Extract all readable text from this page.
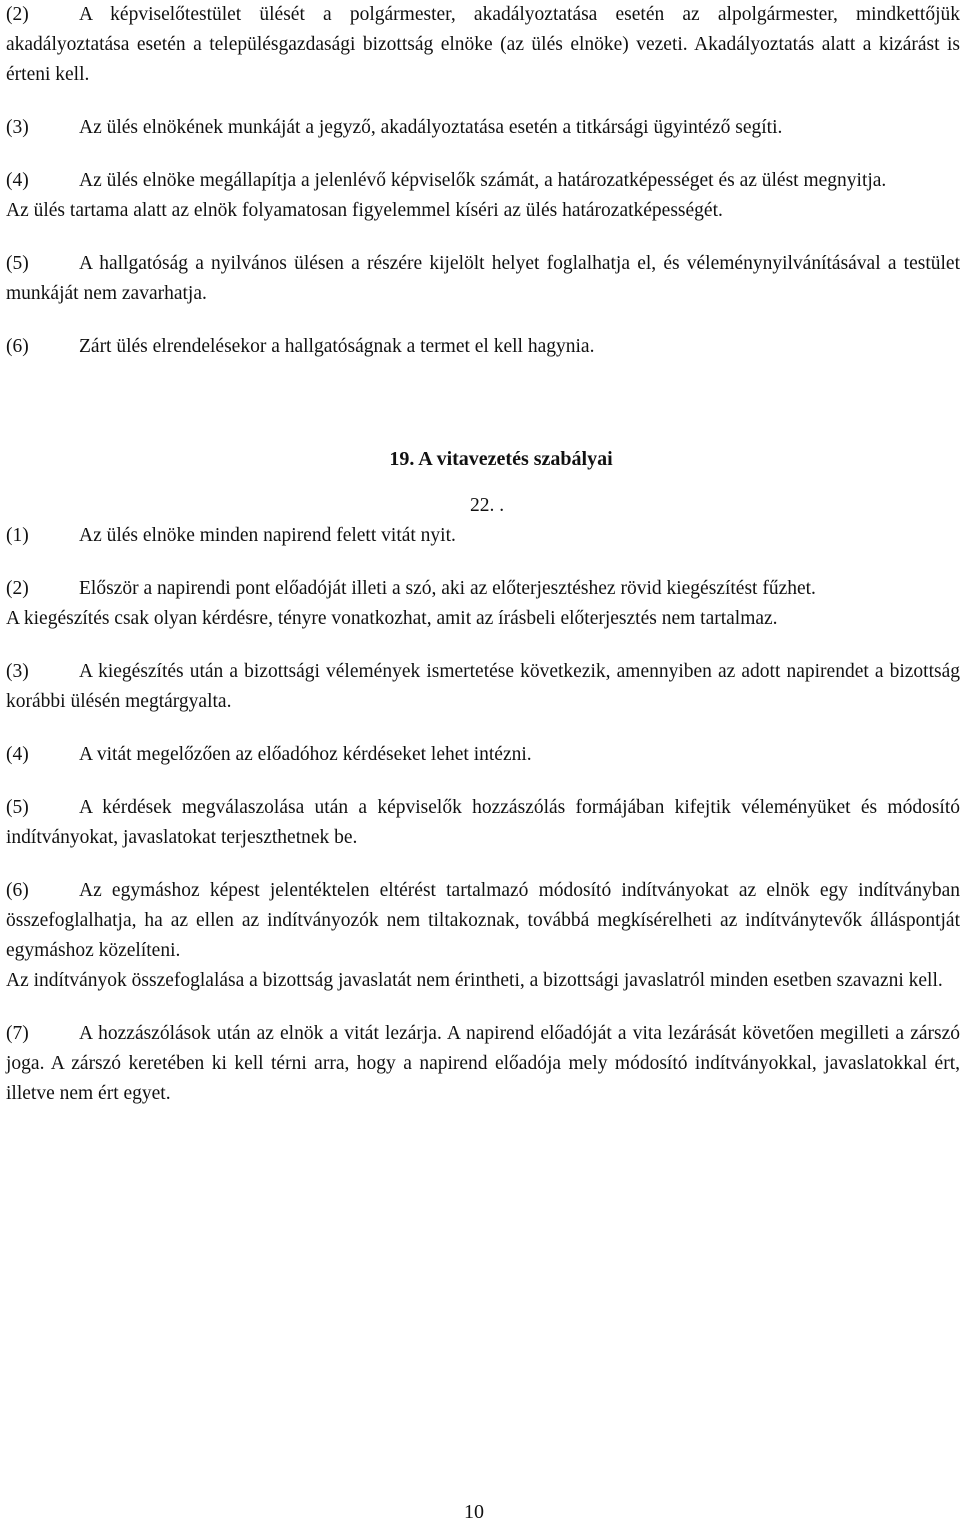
(2)	A képviselőtestület ülését a polgármester, akadályoztatása esetén az alpolgármester, mindkettőjük akadályoztatása esetén a településgazdasági bizottság elnöke (az ülés elnöke) vezeti. Akadályoztatás alatt a kizárást is érteni kell.

(3)	Az ülés elnökének munkáját a jegyző, akadályoztatása esetén a titkársági ügyintéző segíti.

(4)	Az ülés elnöke megállapítja a jelenlévő képviselők számát, a határozatképességet és az ülést megnyitja.

Az ülés tartama alatt az elnök folyamatosan figyelemmel kíséri az ülés határozatképességét.

(5)	A hallgatóság a nyilvános ülésen a részére kijelölt helyet foglalhatja el, és véleménynyilvánításával a testület munkáját nem zavarhatja.

(6)	Zárt ülés elrendelésekor a hallgatóságnak a termet el kell hagynia.

19. A vitavezetés szabályai

22. .

(1)	Az ülés elnöke minden napirend felett vitát nyit.

(2)	Először a napirendi pont előadóját illeti a szó, aki az előterjesztéshez rövid kiegészítést fűzhet.

A kiegészítés csak olyan kérdésre, tényre vonatkozhat, amit az írásbeli előterjesztés nem tartalmaz.

(3)	A kiegészítés után a bizottsági vélemények ismertetése következik, amennyiben az adott napirendet a bizottság korábbi ülésén megtárgyalta.

(4)	A vitát megelőzően az előadóhoz kérdéseket lehet intézni.

(5)	A kérdések megválaszolása után a képviselők hozzászólás formájában kifejtik véleményüket és módosító indítványokat, javaslatokat terjeszthetnek be.

(6)	Az egymáshoz képest jelentéktelen eltérést tartalmazó módosító indítványokat az elnök egy indítványban összefoglalhatja, ha az ellen az indítványozók nem tiltakoznak, továbbá megkísérelheti az indítványtevők álláspontját egymáshoz közelíteni.

Az indítványok összefoglalása a bizottság javaslatát nem érintheti, a bizottsági javaslatról minden esetben szavazni kell.

(7)	A hozzászólások után az elnök a vitát lezárja. A napirend előadóját a vita lezárását követően megilleti a zárszó joga. A zárszó keretében ki kell térni arra, hogy a napirend előadója mely módosító indítványokkal, javaslatokkal ért, illetve nem ért egyet.

10
